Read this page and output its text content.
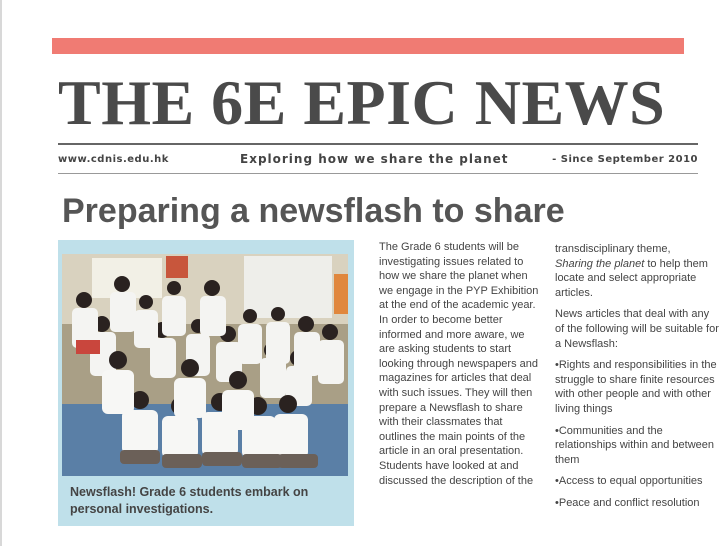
THE 6E EPIC NEWS
www.cdnis.edu.hk	Exploring how we share the planet	- Since September 2010
Preparing a newsflash to share
Newsflash! Grade 6 students embark on personal investigations.

The Grade 6 students will be investigating issues related to how we share the planet when we engage in the PYP Exhibition at the end of the academic year. In order to become better informed and more aware, we are asking students to start looking through newspapers and magazines for articles that deal with such issues. They will then prepare a Newsflash to share with their classmates that outlines the main points of the article in an oral presentation. Students have looked at and discussed the description of the

transdisciplinary theme,
Sharing the planet to help them locate and select appropriate articles.

News articles that deal with any of the following will be suitable for a Newsflash:

•Rights and responsibilities in the struggle to share finite resources with other people and with other living things

•Communities and the relationships within and between them

•Access to equal opportunities

•Peace and conflict resolution
